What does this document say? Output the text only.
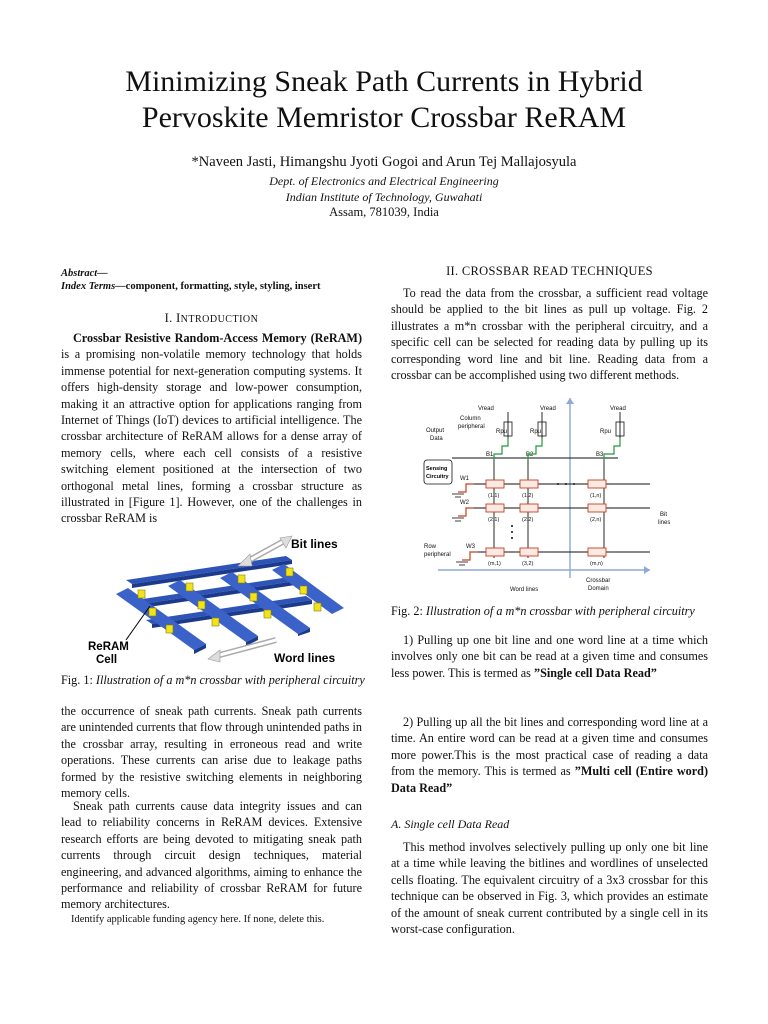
Minimizing Sneak Path Currents in Hybrid
Pervoskite Memristor Crossbar ReRAM
*Naveen Jasti, Himangshu Jyoti Gogoi and Arun Tej Mallajosyula
Dept. of Electronics and Electrical Engineering
Indian Institute of Technology, Guwahati
Assam, 781039, India
Abstract—
Index Terms—component, formatting, style, styling, insert
I. INTRODUCTION
Crossbar Resistive Random-Access Memory (ReRAM) is a promising non-volatile memory technology that holds immense potential for next-generation computing systems. It offers high-density storage and low-power consumption, making it an attractive option for applications ranging from Internet of Things (IoT) devices to artificial intelligence. The crossbar architecture of ReRAM allows for a dense array of memory cells, where each cell consists of a resistive switching element positioned at the intersection of two orthogonal metal lines, forming a crossbar structure as illustrated in [Figure 1]. However, one of the challenges in crossbar ReRAM is
Bit lines
Word lines
ReRAM
Cell
Fig. 1: Illustration of a m*n crossbar with peripheral circuitry
the occurrence of sneak path currents. Sneak path currents are unintended currents that flow through unintended paths in the crossbar array, resulting in erroneous read and write operations. These currents can arise due to leakage paths formed by the resistive switching elements in neighboring memory cells.
Sneak path currents cause data integrity issues and can lead to reliability concerns in ReRAM devices. Extensive research efforts are being devoted to mitigating sneak path currents through circuit design techniques, material engineering, and advanced algorithms, aiming to enhance the performance and reliability of crossbar ReRAM for future memory architectures.
Identify applicable funding agency here. If none, delete this.
II. CROSSBAR READ TECHNIQUES
To read the data from the crossbar, a sufficient read voltage should be applied to the bit lines as pull up voltage. Fig. 2 illustrates a m*n crossbar with the peripheral circuitry, and a specific cell can be selected for reading data by pulling up its corresponding word line and bit line. Reading data from a crossbar can be accomplished using two different methods.
Vread	Vread	Vread
Column
peripheral
Output
Data
Rpu	Rpu	Rpu
B1	B2	B3
W1
W2
W3
Row
peripheral
Bit
lines
Word lines
Crossbar
Domain
Sensing
Circuitry
(1,1)	(1,2)	(1,n)
(2,1)	(2,2)	(2,n)
(m,1)	(3,2)	(m,n)
Fig. 2: Illustration of a m*n crossbar with peripheral circuitry
1) Pulling up one bit line and one word line at a time which involves only one bit can be read at a given time and consumes less power. This is termed as ”Single cell Data Read”
2) Pulling up all the bit lines and corresponding word line at a time. An entire word can be read at a given time and consumes more power.This is the most practical case of reading a data from the memory. This is termed as ”Multi cell (Entire word) Data Read”
A. Single cell Data Read
This method involves selectively pulling up only one bit line at a time while leaving the bitlines and wordlines of unselected cells floating. The equivalent circuitry of a 3x3 crossbar for this technique can be observed in Fig. 3, which provides an estimate of the amount of sneak current contributed by a single cell in its worst-case configuration.
